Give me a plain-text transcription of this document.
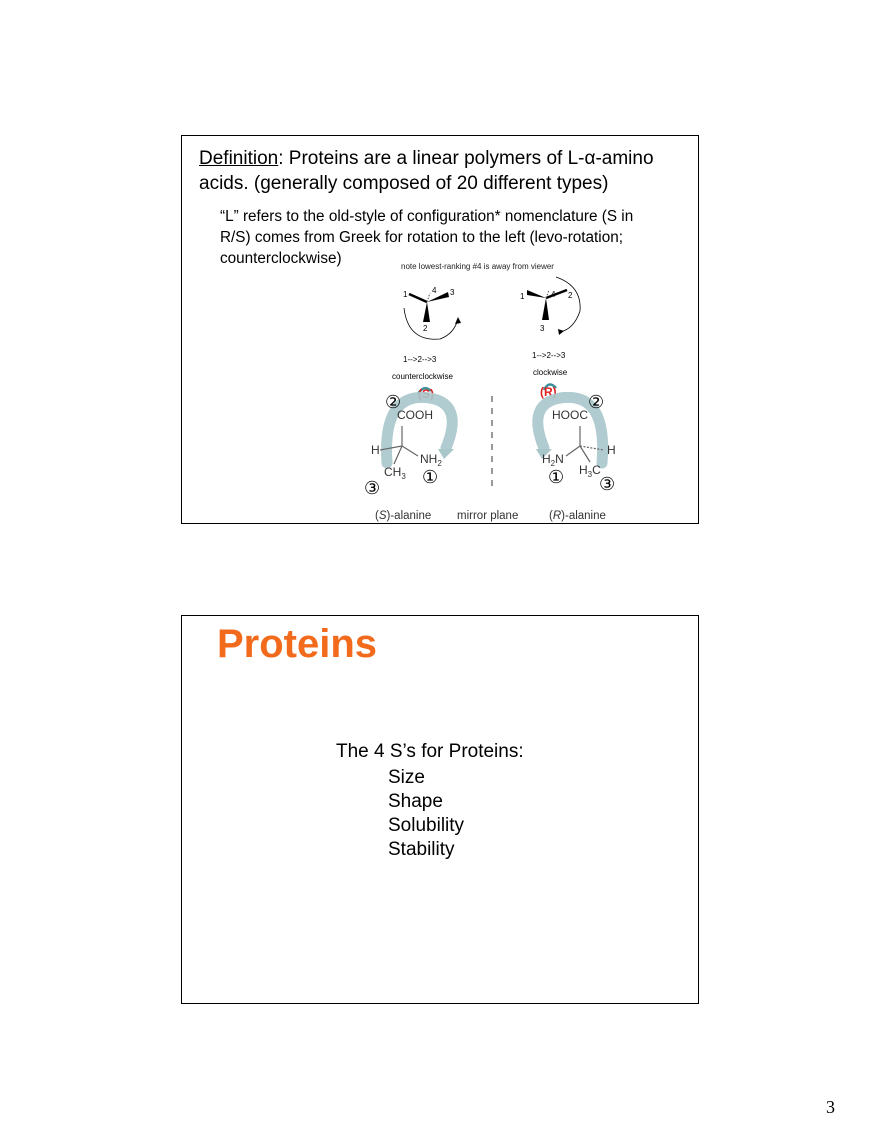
Definition: Proteins are a linear polymers of L-α-amino
acids. (generally composed of 20 different types)
“L” refers to the old-style of configuration* nomenclature (S in
R/S) comes from Greek for rotation to the left (levo-rotation;
counterclockwise)	note lowest-ranking #4 is away from viewer
1	4 3
2
1-->2-->3
counterclockwise
1	4 2
3
1-->2-->3
clockwise
(S)	(R)
COOH
H
$NH_2$
$CH_3$
HOOC
H
$H_2N$
$H_3C$
②
①
③
②
① ③
(S)-alanine mirror plane	(R)-alanine
Proteins
The 4 S’s for Proteins:
Size
Shape
Solubility
Stability
3
